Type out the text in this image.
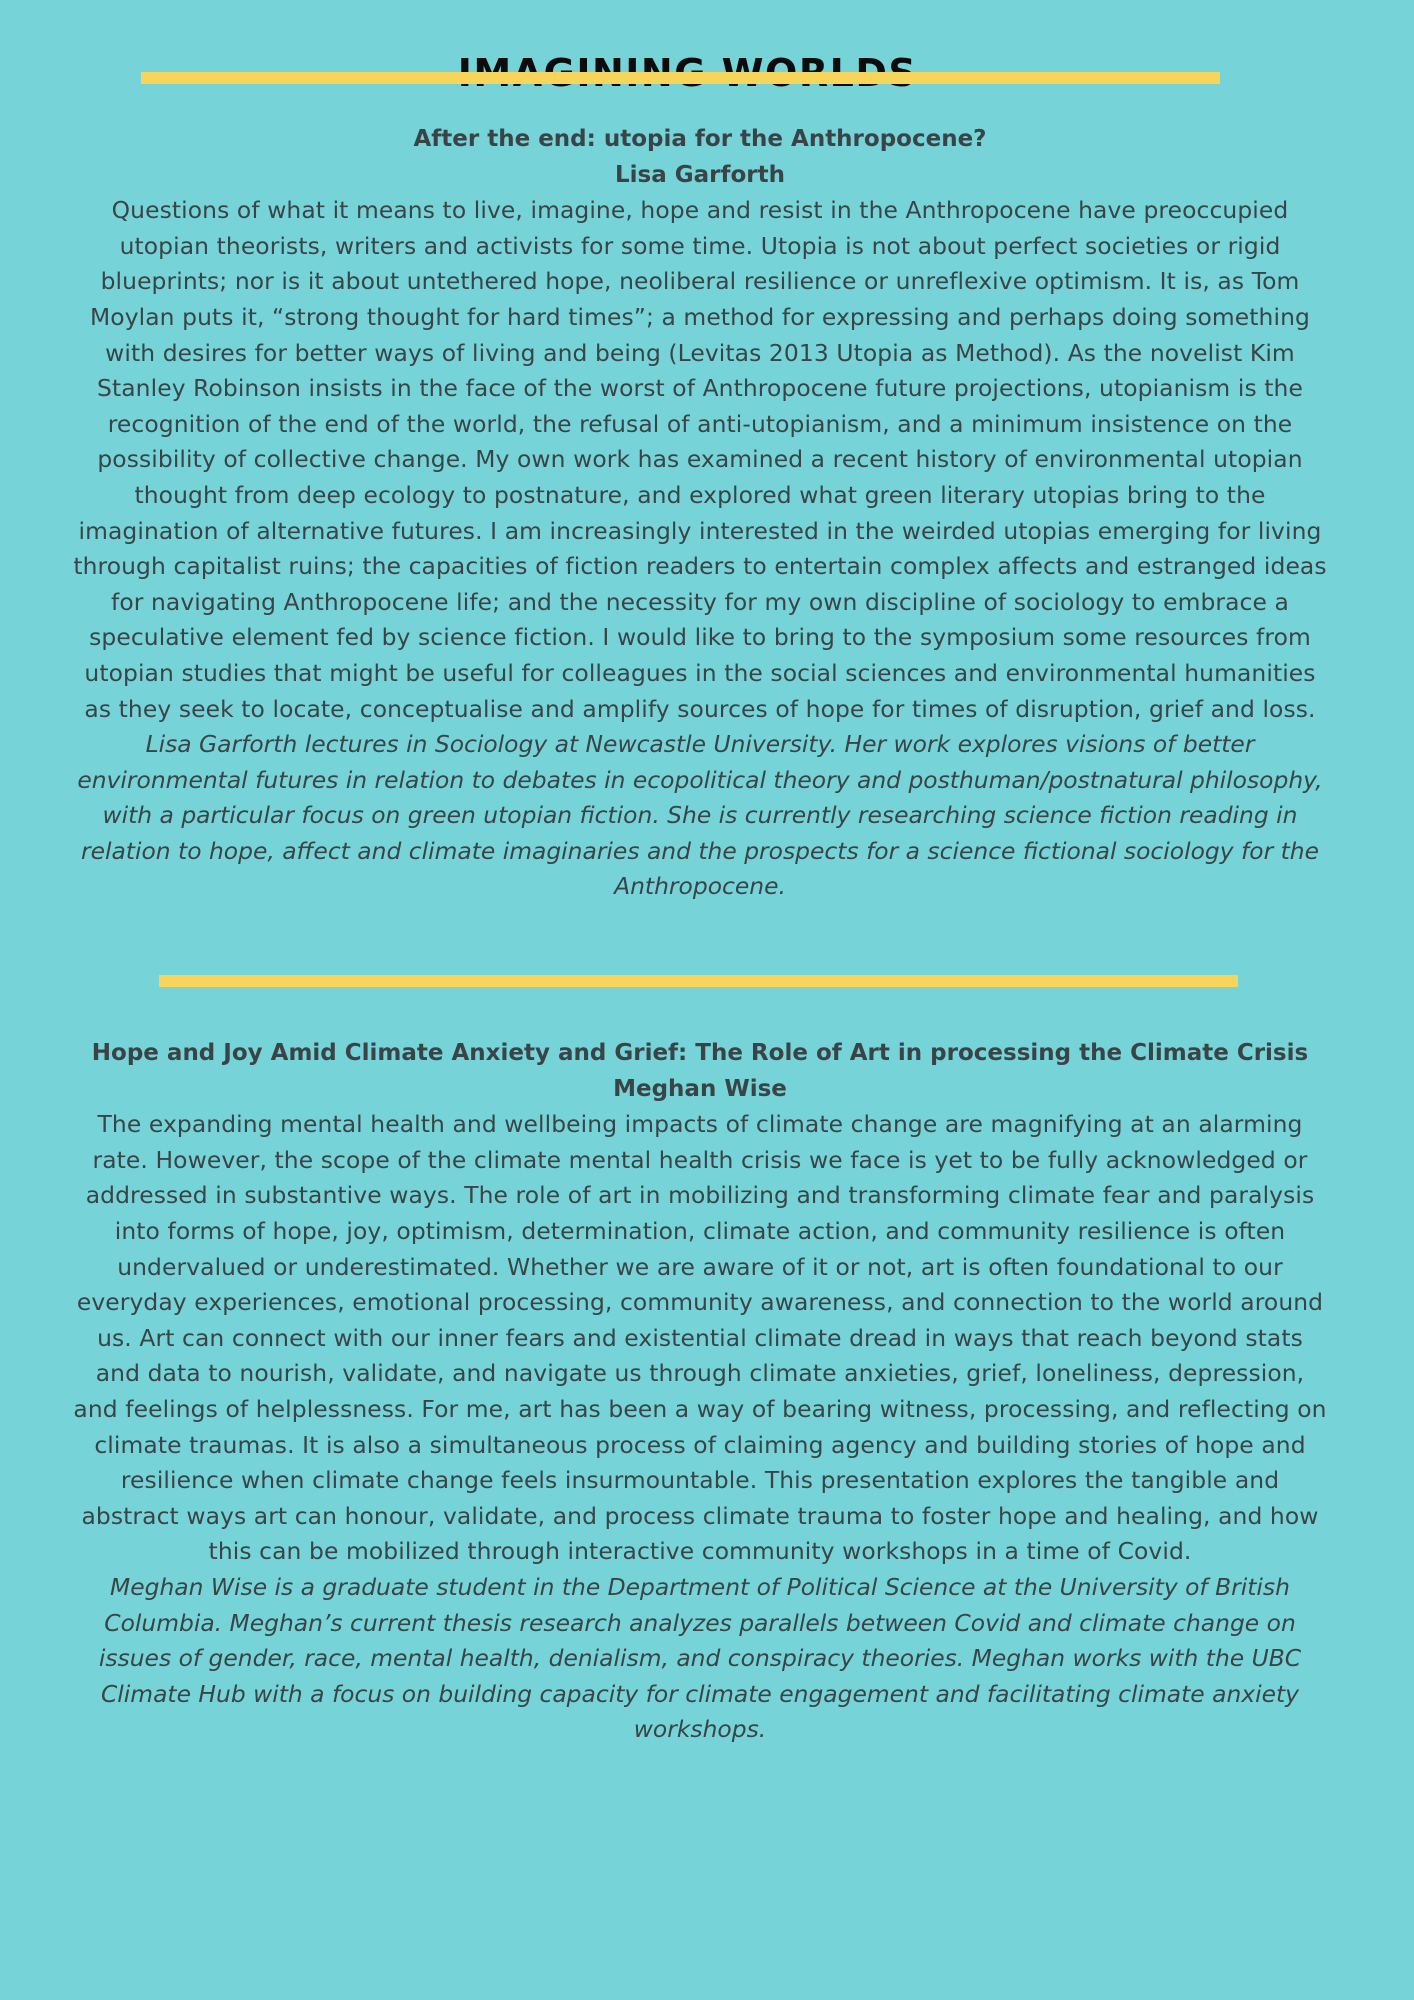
After the end: utopia for the Anthropocene?

Lisa Garforth

Questions of what it means to live, imagine, hope and resist in the Anthropocene have preoccupied utopian theorists, writers and activists for some time. Utopia is not about perfect societies or rigid blueprints; nor is it about untethered hope, neoliberal resilience or unreflexive optimism. It is, as Tom Moylan puts it, “strong thought for hard times”; a method for expressing and perhaps doing something with desires for better ways of living and being (Levitas 2013 Utopia as Method). As the novelist Kim Stanley Robinson insists in the face of the worst of Anthropocene future projections, utopianism is the recognition of the end of the world, the refusal of anti-utopianism, and a minimum insistence on the possibility of collective change. My own work has examined a recent history of environmental utopian thought from deep ecology to postnature, and explored what green literary utopias bring to the imagination of alternative futures. I am increasingly interested in the weirded utopias emerging for living through capitalist ruins; the capacities of fiction readers to entertain complex affects and estranged ideas for navigating Anthropocene life; and the necessity for my own discipline of sociology to embrace a speculative element fed by science fiction. I would like to bring to the symposium some resources from utopian studies that might be useful for colleagues in the social sciences and environmental humanities as they seek to locate, conceptualise and amplify sources of hope for times of disruption, grief and loss.

Lisa Garforth lectures in Sociology at Newcastle University. Her work explores visions of better environmental futures in relation to debates in ecopolitical theory and posthuman/postnatural philosophy, with a particular focus on green utopian fiction. She is currently researching science fiction reading in relation to hope, affect and climate imaginaries and the prospects for a science fictional sociology for the Anthropocene.

Hope and Joy Amid Climate Anxiety and Grief: The Role of Art in processing the Climate Crisis

Meghan Wise

The expanding mental health and wellbeing impacts of climate change are magnifying at an alarming rate. However, the scope of the climate mental health crisis we face is yet to be fully acknowledged or addressed in substantive ways. The role of art in mobilizing and transforming climate fear and paralysis into forms of hope, joy, optimism, determination, climate action, and community resilience is often undervalued or underestimated. Whether we are aware of it or not, art is often foundational to our everyday experiences, emotional processing, community awareness, and connection to the world around us. Art can connect with our inner fears and existential climate dread in ways that reach beyond stats and data to nourish, validate, and navigate us through climate anxieties, grief, loneliness, depression, and feelings of helplessness. For me, art has been a way of bearing witness, processing, and reflecting on climate traumas. It is also a simultaneous process of claiming agency and building stories of hope and resilience when climate change feels insurmountable. This presentation explores the tangible and abstract ways art can honour, validate, and process climate trauma to foster hope and healing, and how this can be mobilized through interactive community workshops in a time of Covid.

Meghan Wise is a graduate student in the Department of Political Science at the University of British Columbia. Meghan’s current thesis research analyzes parallels between Covid and climate change on issues of gender, race, mental health, denialism, and conspiracy theories. Meghan works with the UBC Climate Hub with a focus on building capacity for climate engagement and facilitating climate anxiety workshops.
